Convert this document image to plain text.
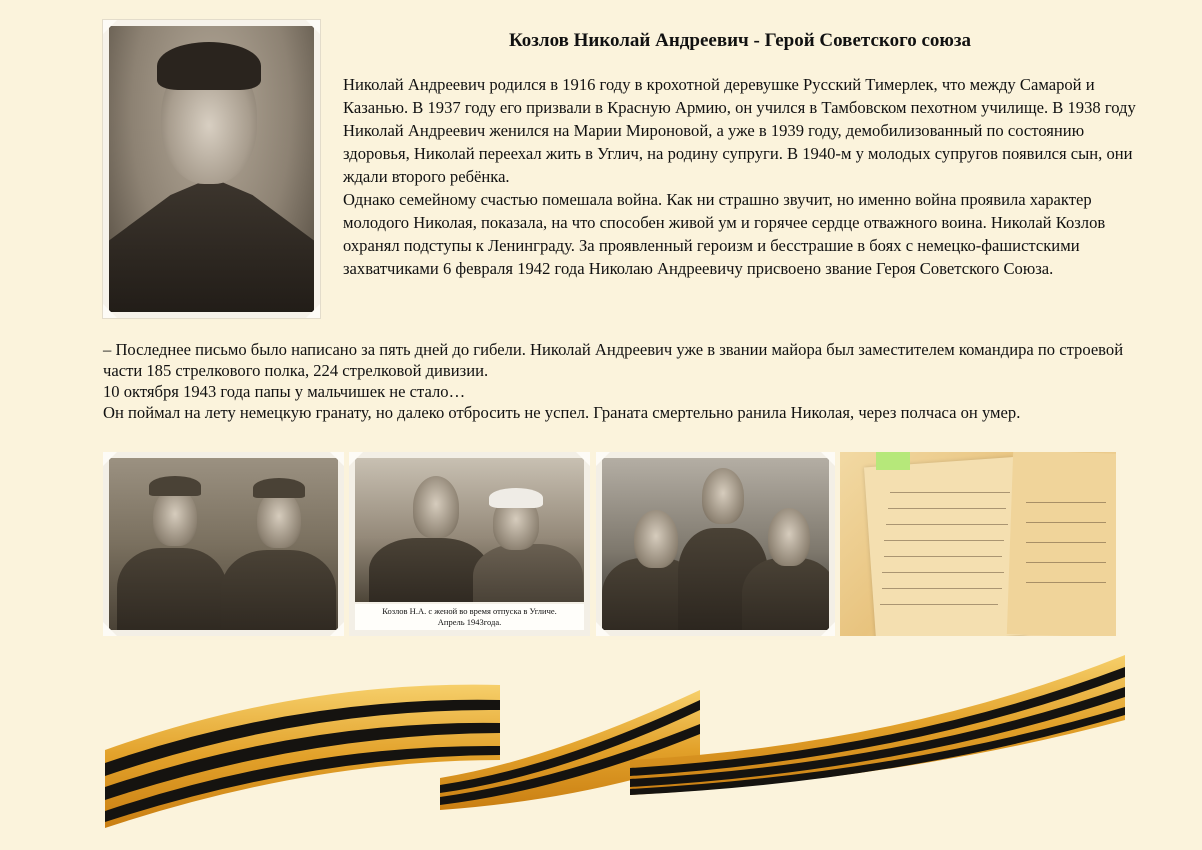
Козлов Николай Андреевич - Герой Советского союза

Николай Андреевич родился в 1916 году в крохотной деревушке Русский Тимерлек, что между Самарой и Казанью. В 1937 году его призвали в Красную Армию, он учился в Тамбовском пехотном училище. В 1938 году Николай Андреевич женился на Марии Мироновой, а уже в 1939 году, демобилизованный по состоянию здоровья, Николай переехал жить в Углич, на родину супруги. В 1940-м у молодых супругов появился сын, они ждали второго ребёнка.

Однако семейному счастью помешала война. Как ни страшно звучит, но именно война проявила характер молодого Николая, показала, на что способен живой ум и горячее сердце отважного воина. Николай Козлов охранял подступы к Ленинграду. За проявленный героизм и бесстрашие в боях с немецко-фашистскими захватчиками 6 февраля 1942 года Николаю Андреевичу присвоено звание Героя Советского Союза.

– Последнее письмо было написано за пять дней до гибели. Николай Андреевич уже в звании майора был заместителем командира по строевой части 185 стрелкового полка, 224 стрелковой дивизии.

10 октября 1943 года папы у мальчишек не стало…

Он поймал на лету немецкую гранату, но далеко отбросить не успел. Граната смертельно ранила Николая, через полчаса он умер.

Козлов Н.А. с женой во время отпуска в Угличе.
Апрель 1943года.
